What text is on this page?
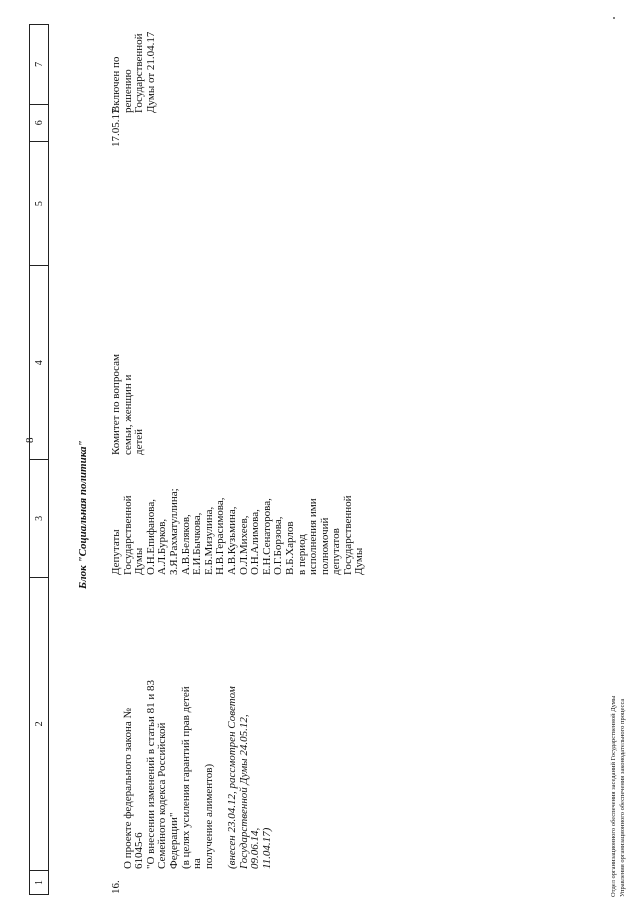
8
1
2
3
4
5
6
7
Блок "Социальная политика"
16.

О проекте федерального закона № 61045-6
"О внесении изменений в статьи 81 и 83
Семейного кодекса Российской Федерации"
(в целях усиления гарантий прав детей на
получение алиментов)

(внесен 23.04.12, рассмотрен Советом
Государственной Думы 24.05.12, 09.06.14,
11.04.17)

Депутаты
Государственной
Думы
О.Н.Епифанова,
А.Л.Бурков,
З.Я.Рахматуллина;
А.В.Беляков,
Е.И.Бычкова,
Е.Б.Мизулина,
Н.В.Герасимова,
А.В.Кузьмина,
О.Л.Михеев,
О.Н.Алимова,
Е.Н.Сенаторова,
О.Г.Борзова,
В.Б.Харлов
в период
исполнения ими
полномочий
депутатов
Государственной
Думы
Комитет по вопросам
семьи, женщин и
детей
17.05.17
Включен по
решению
Государственной
Думы от 21.04.17
Отдел организационного обеспечения заседаний Государственной Думы
Управления организационного обеспечения законодательного процесса
